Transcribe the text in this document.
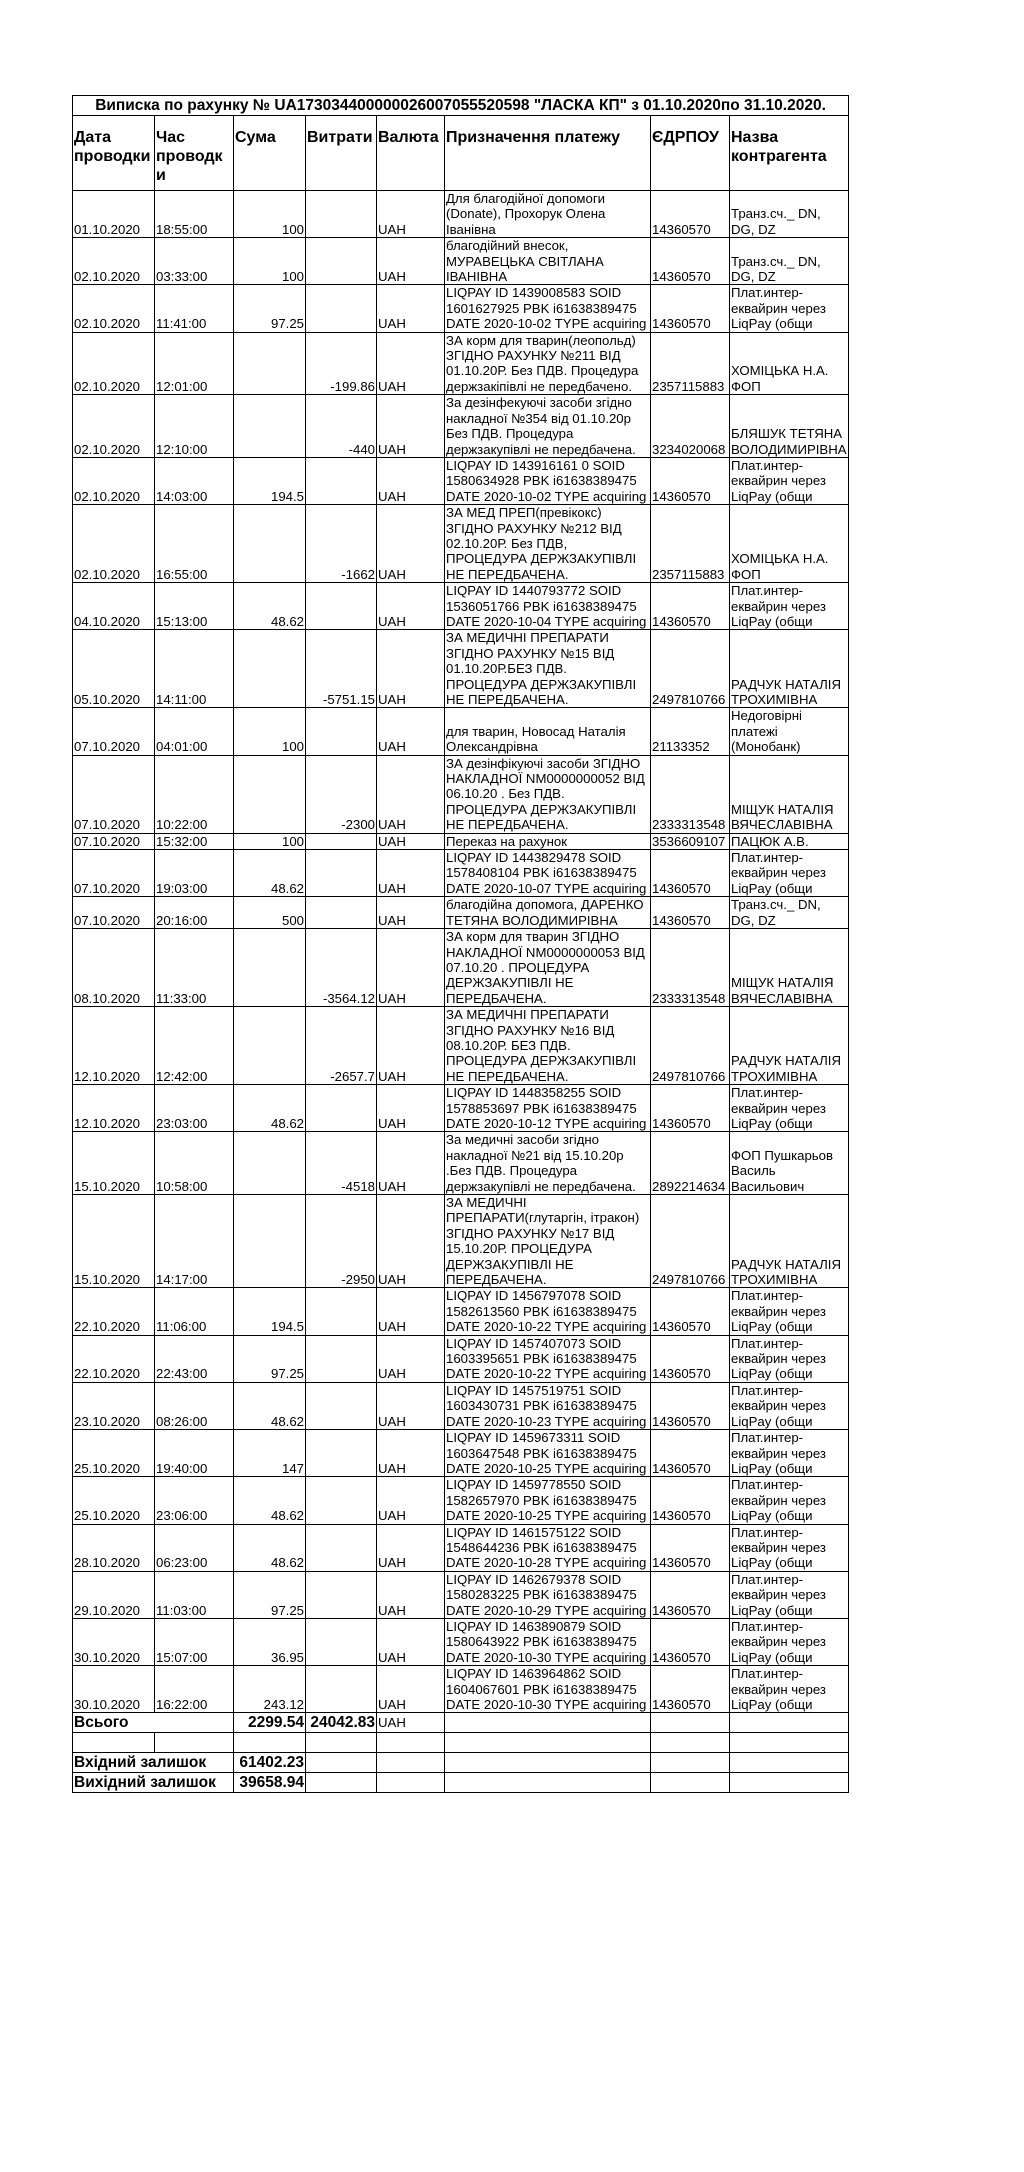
Виписка по рахунку № UA173034400000026007055520598 "ЛАСКА КП" з 01.10.2020по 31.10.2020.							
Дата проводки	Час проводки	Сума	Витрати	Валюта	Призначення платежу	ЄДРПОУ	Назва контрагента
01.10.2020	18:55:00	100		UAH	Для благодійної допомоги (Donate), Прохорук Олена Іванівна	14360570	Транз.сч._ DN, DG, DZ
02.10.2020	03:33:00	100		UAH	благодійний внесок, МУРАВЕЦЬКА СВІТЛАНА ІВАНІВНА	14360570	Транз.сч._ DN, DG, DZ
02.10.2020	11:41:00	97.25		UAH	LIQPAY ID 1439008583 SOID 1601627925 PBK i61638389475 DATE 2020-10-02 TYPE acquiring	14360570	Плат.интер-еквайрин через LiqPay (общи
02.10.2020	12:01:00		-199.86	UAH	ЗА корм для тварин(леопольд) ЗГІДНО РАХУНКУ №211 ВІД 01.10.20Р. Без ПДВ. Процедура держзакіпівлі не передбачено.	2357115883	ХОМІЦЬКА Н.А. ФОП
02.10.2020	12:10:00		-440	UAH	За дезінфекуючі засоби згідно накладної №354 від 01.10.20р Без ПДВ. Процедура держзакупівлі не передбачена.	3234020068	БЛЯШУК ТЕТЯНА ВОЛОДИМИРІВНА
02.10.2020	14:03:00	194.5		UAH	LIQPAY ID 143916161 0 SOID 1580634928 PBK i61638389475 DATE 2020-10-02 TYPE acquiring	14360570	Плат.интер-еквайрин через LiqPay (общи
02.10.2020	16:55:00		-1662	UAH	ЗА МЕД ПРЕП(превікокс) ЗГІДНО РАХУНКУ №212 ВІД 02.10.20Р. Без ПДВ, ПРОЦЕДУРА ДЕРЖЗАКУПІВЛІ НЕ ПЕРЕДБАЧЕНА.	2357115883	ХОМІЦЬКА Н.А. ФОП
04.10.2020	15:13:00	48.62		UAH	LIQPAY ID 1440793772 SOID 1536051766 PBK i61638389475 DATE 2020-10-04 TYPE acquiring	14360570	Плат.интер-еквайрин через LiqPay (общи
05.10.2020	14:11:00		-5751.15	UAH	ЗА МЕДИЧНІ ПРЕПАРАТИ ЗГІДНО РАХУНКУ №15 ВІД 01.10.20Р.БЕЗ ПДВ. ПРОЦЕДУРА ДЕРЖЗАКУПІВЛІ НЕ ПЕРЕДБАЧЕНА.	2497810766	РАДЧУК НАТАЛІЯ ТРОХИМІВНА
07.10.2020	04:01:00	100		UAH	для тварин, Новосад Наталія Олександрівна	21133352	Недоговірні платежі (Монобанк)
07.10.2020	10:22:00		-2300	UAH	ЗА дезінфікуючі засоби ЗГІДНО НАКЛАДНОЇ NM0000000052 ВІД 06.10.20 . Без ПДВ. ПРОЦЕДУРА ДЕРЖЗАКУПІВЛІ НЕ ПЕРЕДБАЧЕНА.	2333313548	МІЩУК НАТАЛІЯ ВЯЧЕСЛАВІВНА
07.10.2020	15:32:00	100		UAH	Переказ на рахунок	3536609107	ПАЦЮК А.В.
07.10.2020	19:03:00	48.62		UAH	LIQPAY ID 1443829478 SOID 1578408104 PBK i61638389475 DATE 2020-10-07 TYPE acquiring	14360570	Плат.интер-еквайрин через LiqPay (общи
07.10.2020	20:16:00	500		UAH	благодійна допомога, ДАРЕНКО ТЕТЯНА ВОЛОДИМИРІВНА	14360570	Транз.сч._ DN, DG, DZ
08.10.2020	11:33:00		-3564.12	UAH	ЗА корм для тварин ЗГІДНО НАКЛАДНОЇ NM0000000053 ВІД 07.10.20 . ПРОЦЕДУРА ДЕРЖЗАКУПІВЛІ НЕ ПЕРЕДБАЧЕНА.	2333313548	МІЩУК НАТАЛІЯ ВЯЧЕСЛАВІВНА
12.10.2020	12:42:00		-2657.7	UAH	ЗА МЕДИЧНІ ПРЕПАРАТИ ЗГІДНО РАХУНКУ №16 ВІД 08.10.20Р. БЕЗ ПДВ. ПРОЦЕДУРА ДЕРЖЗАКУПІВЛІ НЕ ПЕРЕДБАЧЕНА.	2497810766	РАДЧУК НАТАЛІЯ ТРОХИМІВНА
12.10.2020	23:03:00	48.62		UAH	LIQPAY ID 1448358255 SOID 1578853697 PBK i61638389475 DATE 2020-10-12 TYPE acquiring	14360570	Плат.интер-еквайрин через LiqPay (общи
15.10.2020	10:58:00		-4518	UAH	За медичні засоби згідно накладної №21 від 15.10.20р .Без ПДВ. Процедура держзакупівлі не передбачена.	2892214634	ФОП Пушкарьов Василь Васильович
15.10.2020	14:17:00		-2950	UAH	ЗА МЕДИЧНІ ПРЕПАРАТИ(глутаргін, ітракон) ЗГІДНО РАХУНКУ №17 ВІД 15.10.20Р. ПРОЦЕДУРА ДЕРЖЗАКУПІВЛІ НЕ ПЕРЕДБАЧЕНА.	2497810766	РАДЧУК НАТАЛІЯ ТРОХИМІВНА
22.10.2020	11:06:00	194.5		UAH	LIQPAY ID 1456797078 SOID 1582613560 PBK i61638389475 DATE 2020-10-22 TYPE acquiring	14360570	Плат.интер-еквайрин через LiqPay (общи
22.10.2020	22:43:00	97.25		UAH	LIQPAY ID 1457407073 SOID 1603395651 PBK i61638389475 DATE 2020-10-22 TYPE acquiring	14360570	Плат.интер-еквайрин через LiqPay (общи
23.10.2020	08:26:00	48.62		UAH	LIQPAY ID 1457519751 SOID 1603430731 PBK i61638389475 DATE 2020-10-23 TYPE acquiring	14360570	Плат.интер-еквайрин через LiqPay (общи
25.10.2020	19:40:00	147		UAH	LIQPAY ID 1459673311 SOID 1603647548 PBK i61638389475 DATE 2020-10-25 TYPE acquiring	14360570	Плат.интер-еквайрин через LiqPay (общи
25.10.2020	23:06:00	48.62		UAH	LIQPAY ID 1459778550 SOID 1582657970 PBK i61638389475 DATE 2020-10-25 TYPE acquiring	14360570	Плат.интер-еквайрин через LiqPay (общи
28.10.2020	06:23:00	48.62		UAH	LIQPAY ID 1461575122 SOID 1548644236 PBK i61638389475 DATE 2020-10-28 TYPE acquiring	14360570	Плат.интер-еквайрин через LiqPay (общи
29.10.2020	11:03:00	97.25		UAH	LIQPAY ID 1462679378 SOID 1580283225 PBK i61638389475 DATE 2020-10-29 TYPE acquiring	14360570	Плат.интер-еквайрин через LiqPay (общи
30.10.2020	15:07:00	36.95		UAH	LIQPAY ID 1463890879 SOID 1580643922 PBK i61638389475 DATE 2020-10-30 TYPE acquiring	14360570	Плат.интер-еквайрин через LiqPay (общи
30.10.2020	16:22:00	243.12		UAH	LIQPAY ID 1463964862 SOID 1604067601 PBK i61638389475 DATE 2020-10-30 TYPE acquiring	14360570	Плат.интер-еквайрин через LiqPay (общи
Всього		2299.54	24042.83	UAH			

Вхідний залишок		61402.23					
Вихідний залишок		39658.94					
